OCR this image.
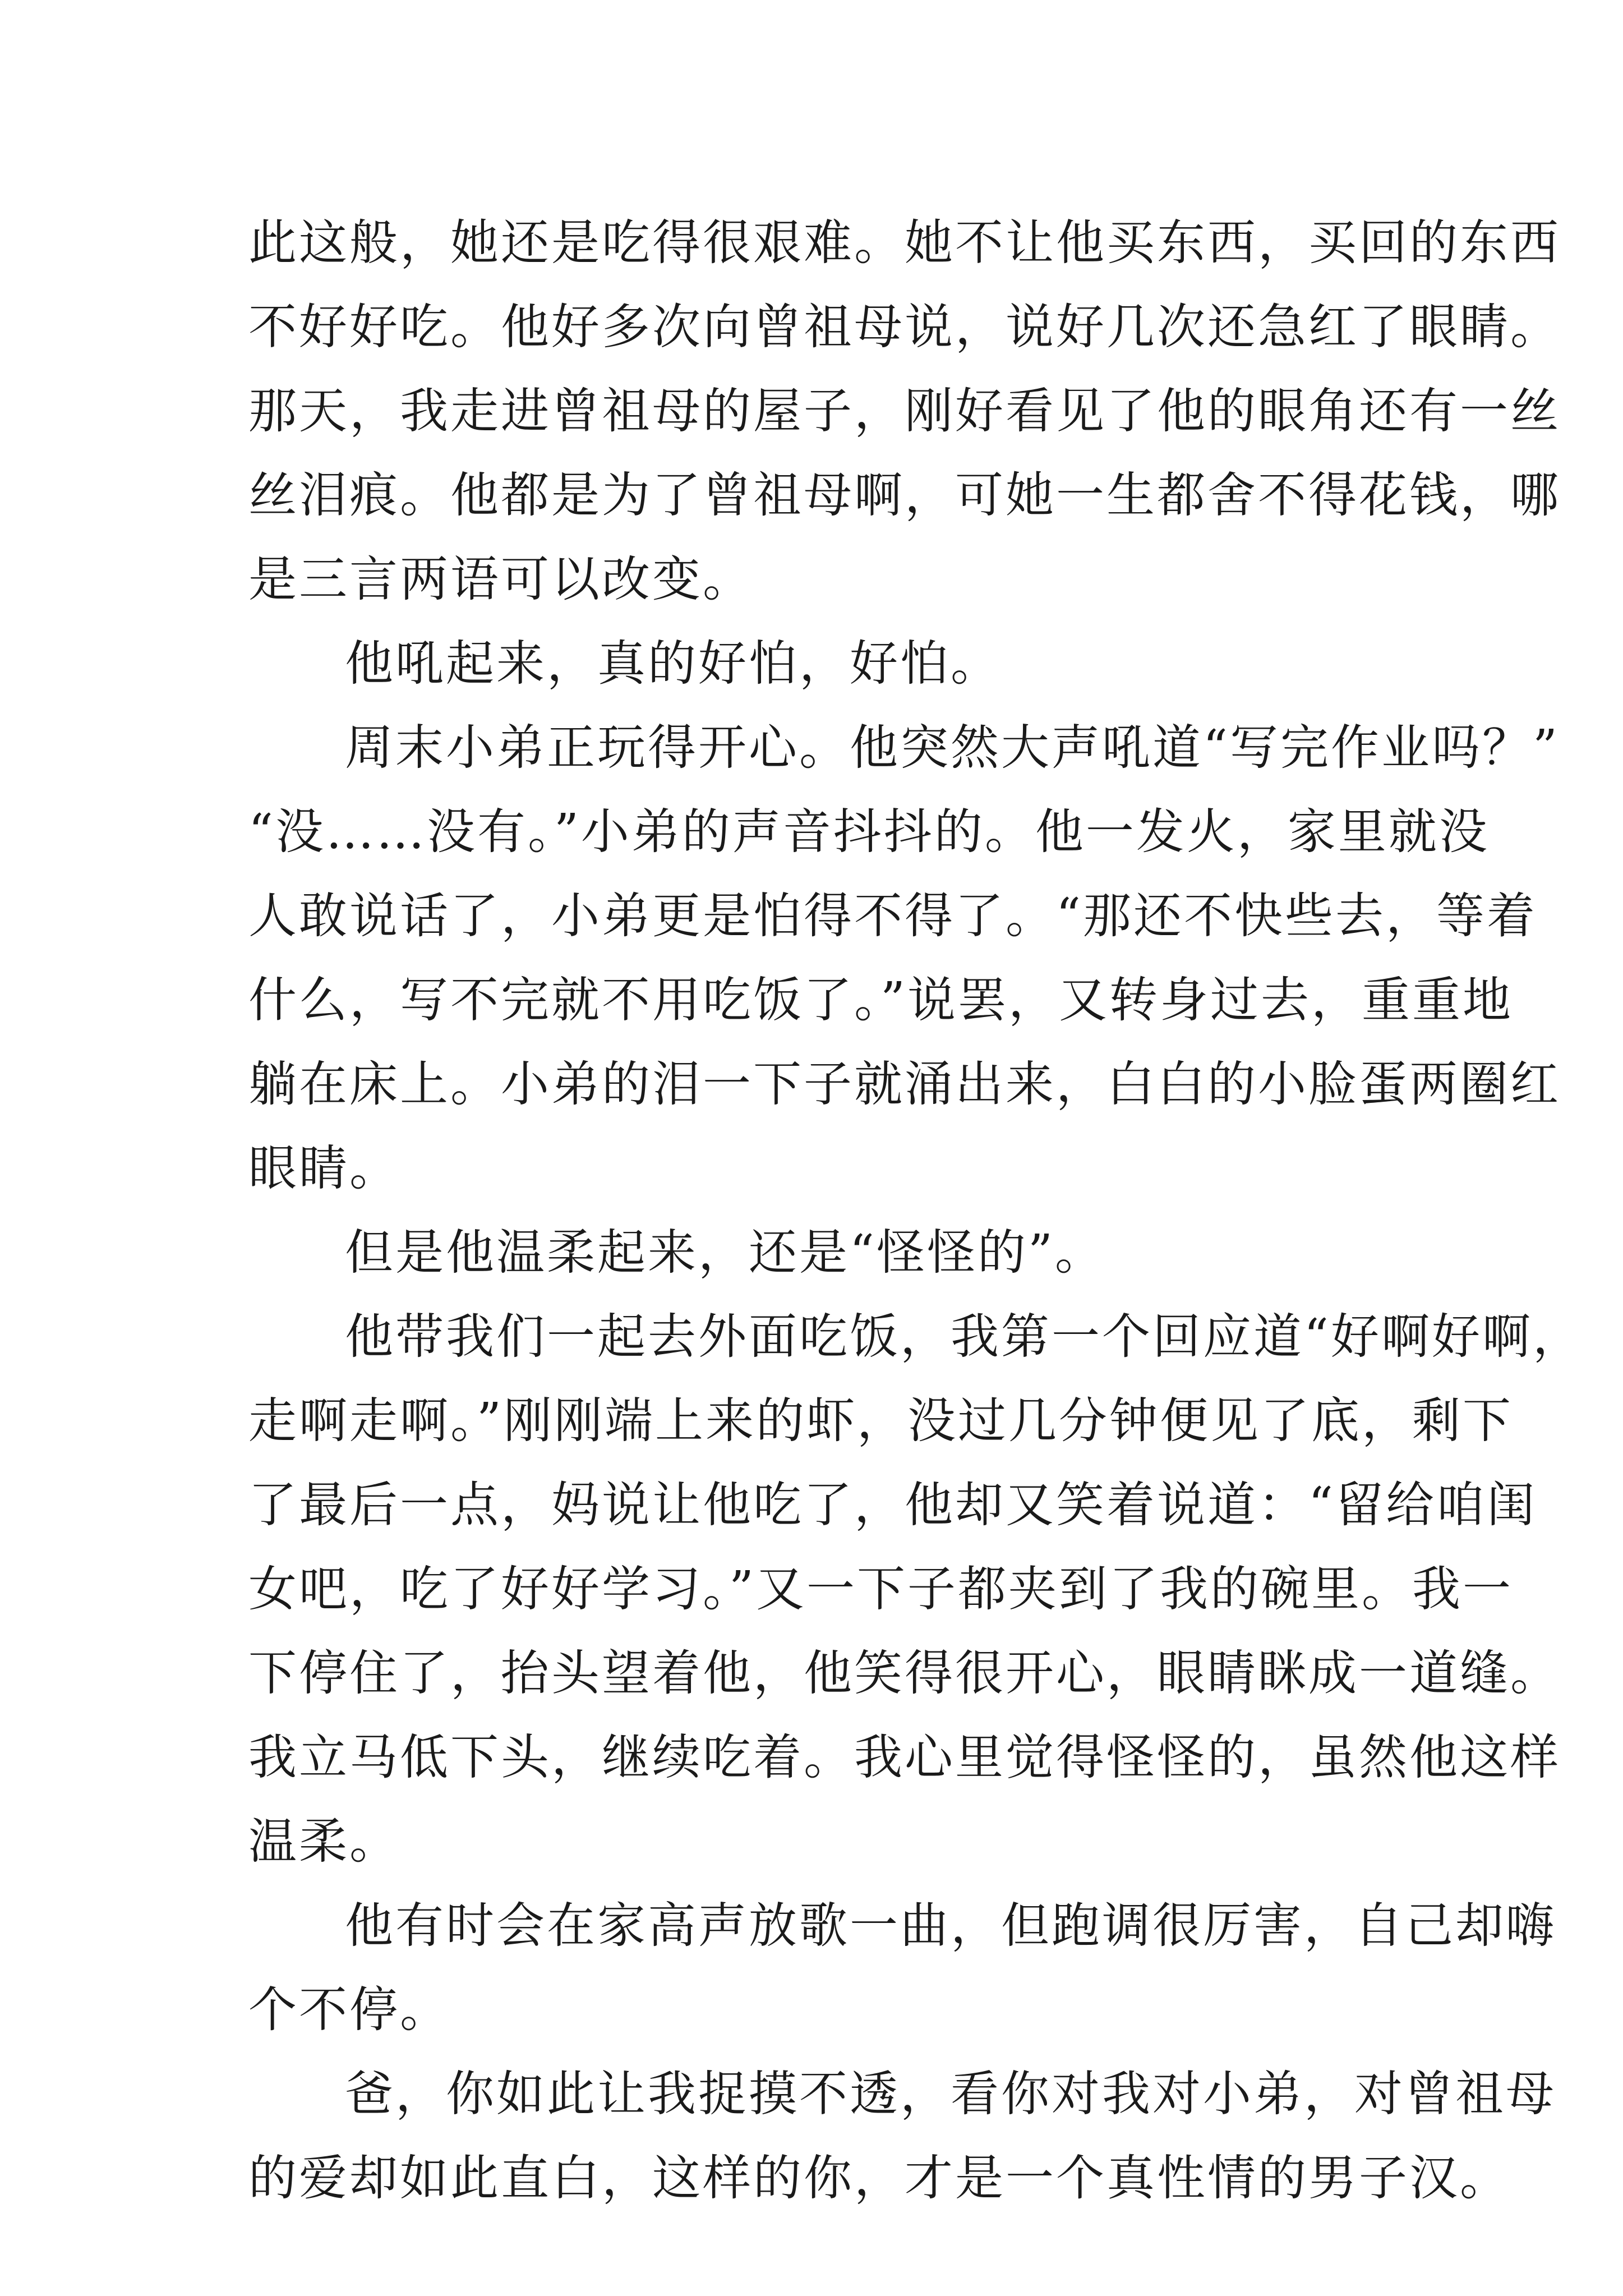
此这般，她还是吃得很艰难。她不让他买东西，买回的东西
不好好吃。他好多次向曾祖母说，说好几次还急红了眼睛。
那天，我走进曾祖母的屋子，刚好看见了他的眼角还有一丝
丝泪痕。他都是为了曾祖母啊，可她一生都舍不得花钱，哪
是三言两语可以改变。
他吼起来，真的好怕，好怕。
周末小弟正玩得开心。他突然大声吼道“写完作业吗？”
“没……没有。”小弟的声音抖抖的。他一发火，家里就没
人敢说话了，小弟更是怕得不得了。“那还不快些去，等着
什么，写不完就不用吃饭了。”说罢，又转身过去，重重地
躺在床上。小弟的泪一下子就涌出来，白白的小脸蛋两圈红
眼睛。
但是他温柔起来，还是“怪怪的”。
他带我们一起去外面吃饭，我第一个回应道“好啊好啊，
走啊走啊。”刚刚端上来的虾，没过几分钟便见了底，剩下
了最后一点，妈说让他吃了，他却又笑着说道：“留给咱闺
女吧，吃了好好学习。”又一下子都夹到了我的碗里。我一
下停住了，抬头望着他，他笑得很开心，眼睛眯成一道缝。
我立马低下头，继续吃着。我心里觉得怪怪的，虽然他这样
温柔。
他有时会在家高声放歌一曲，但跑调很厉害，自己却嗨
个不停。
爸，你如此让我捉摸不透，看你对我对小弟，对曾祖母
的爱却如此直白，这样的你，才是一个真性情的男子汉。
